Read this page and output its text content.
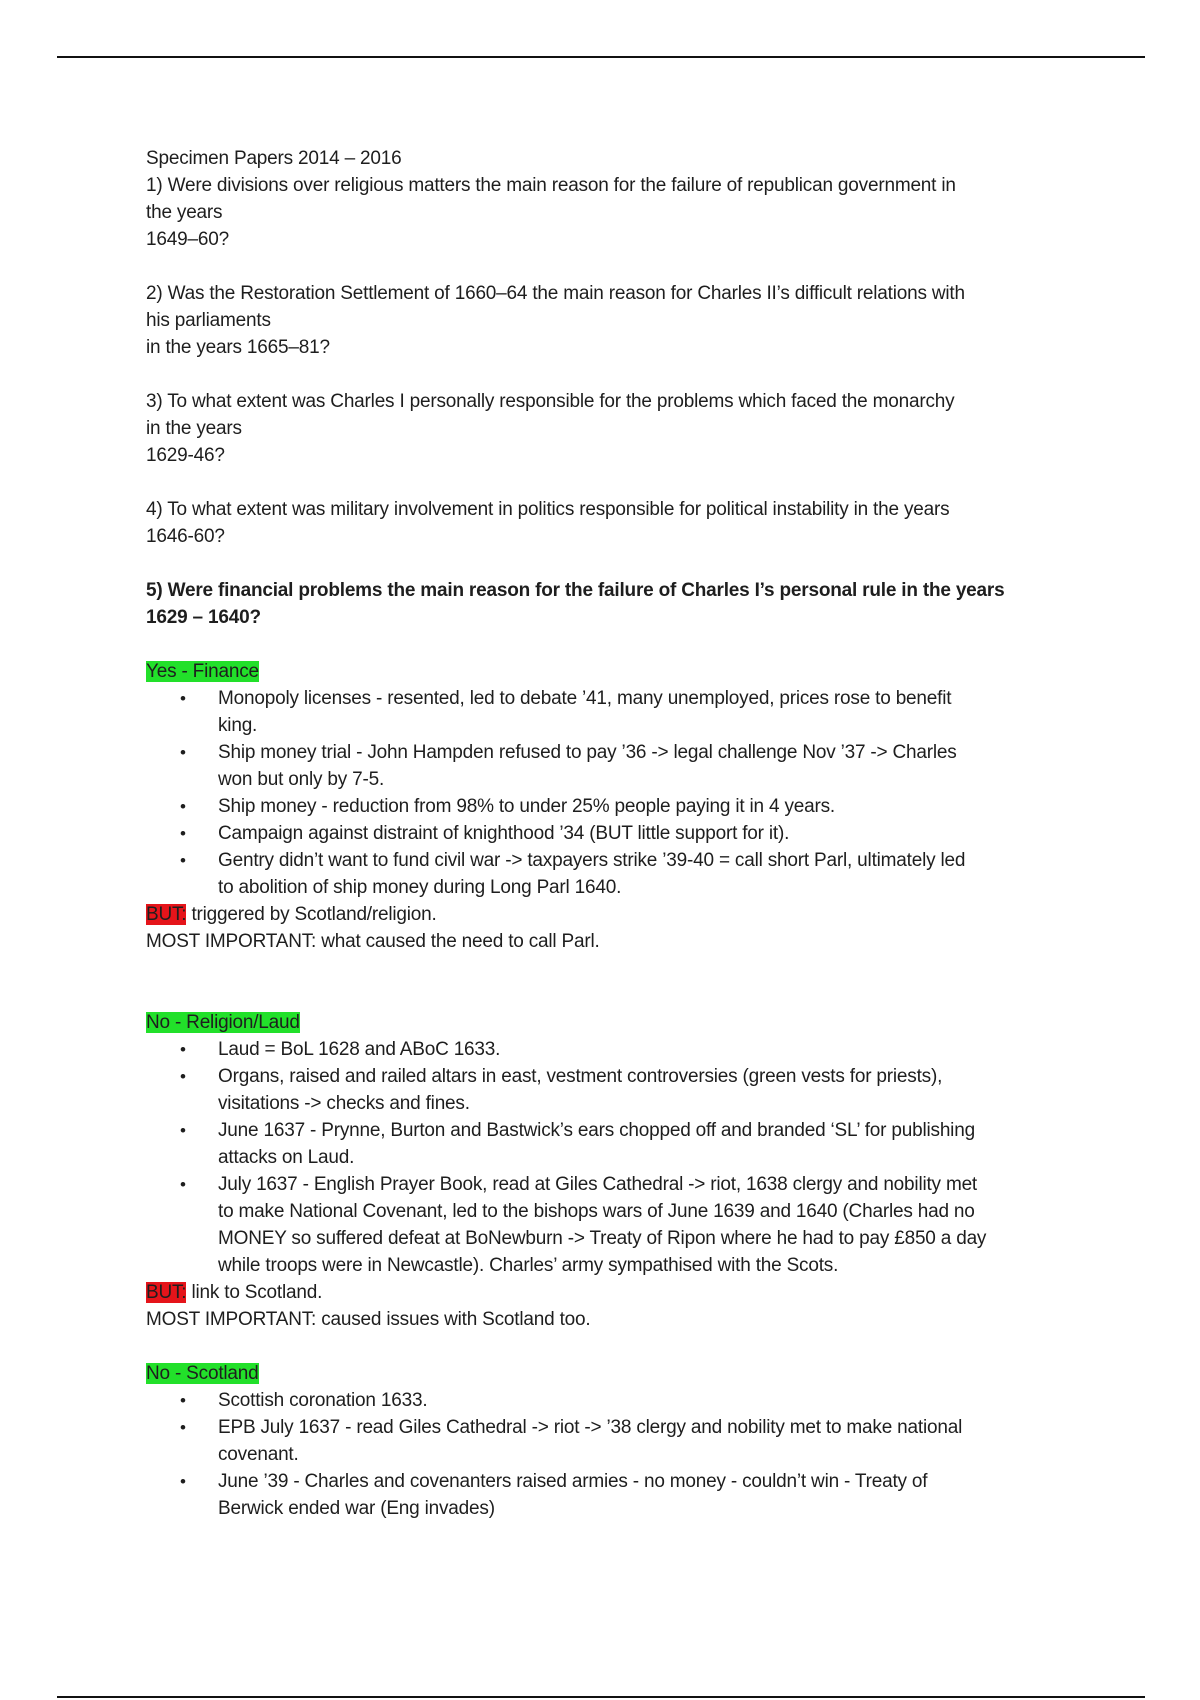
Specimen Papers 2014 – 2016
1) Were divisions over religious matters the main reason for the failure of republican government in
the years
1649–60?
2) Was the Restoration Settlement of 1660–64 the main reason for Charles II’s difficult relations with
his parliaments
in the years 1665–81?
3) To what extent was Charles I personally responsible for the problems which faced the monarchy
in the years
1629-46?
4) To what extent was military involvement in politics responsible for political instability in the years
1646-60?
5) Were financial problems the main reason for the failure of Charles I’s personal rule in the years
1629 – 1640?
Yes - Finance
• Monopoly licenses - resented, led to debate ’41, many unemployed, prices rose to benefit
king.
• Ship money trial - John Hampden refused to pay ’36 -> legal challenge Nov ’37 -> Charles
won but only by 7-5.
• Ship money - reduction from 98% to under 25% people paying it in 4 years.
• Campaign against distraint of knighthood ’34 (BUT little support for it).
• Gentry didn’t want to fund civil war -> taxpayers strike ’39-40 = call short Parl, ultimately led
to abolition of ship money during Long Parl 1640.
BUT: triggered by Scotland/religion.
MOST IMPORTANT: what caused the need to call Parl.
No - Religion/Laud
• Laud = BoL 1628 and ABoC 1633.
• Organs, raised and railed altars in east, vestment controversies (green vests for priests),
visitations -> checks and fines.
• June 1637 - Prynne, Burton and Bastwick’s ears chopped off and branded ‘SL’ for publishing
attacks on Laud.
• July 1637 - English Prayer Book, read at Giles Cathedral -> riot, 1638 clergy and nobility met
to make National Covenant, led to the bishops wars of June 1639 and 1640 (Charles had no
MONEY so suffered defeat at BoNewburn -> Treaty of Ripon where he had to pay £850 a day
while troops were in Newcastle). Charles’ army sympathised with the Scots.
BUT: link to Scotland.
MOST IMPORTANT: caused issues with Scotland too.
No - Scotland
• Scottish coronation 1633.
• EPB July 1637 - read Giles Cathedral -> riot -> ’38 clergy and nobility met to make national
covenant.
• June ’39 - Charles and covenanters raised armies - no money - couldn’t win - Treaty of
Berwick ended war (Eng invades)
